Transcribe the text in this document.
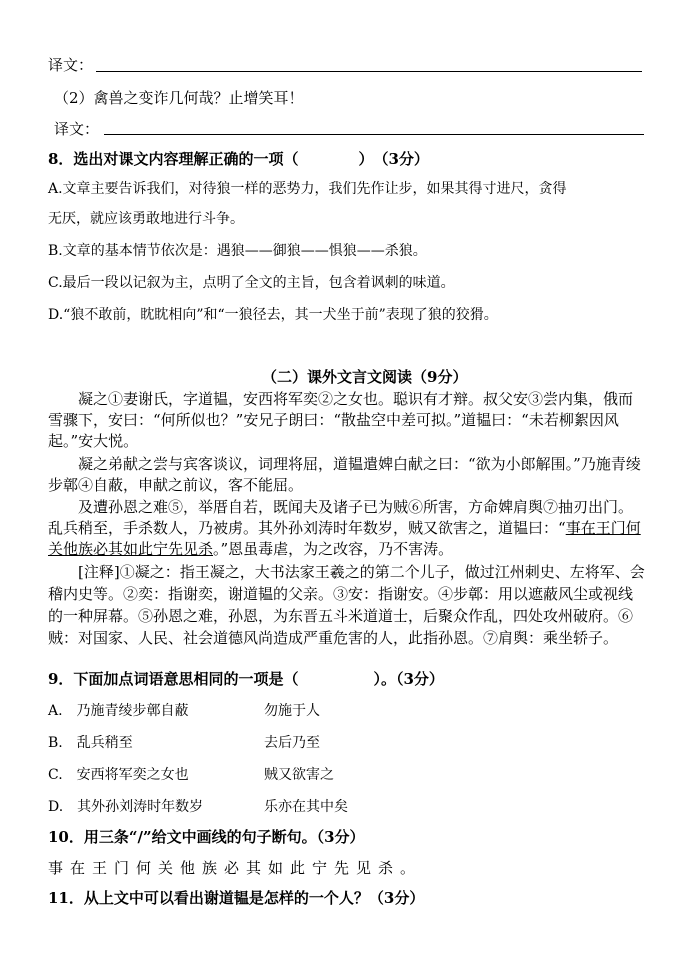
译文：
（2）禽兽之变诈几何哉？止增笑耳！
译文：
8．选出对课文内容理解正确的一项（　　　　）　（3分）
A.文章主要告诉我们，对待狼一样的恶势力，我们先作让步，如果其得寸进尺，贪得
无厌，就应该勇敢地进行斗争。
B.文章的基本情节依次是：遇狼——御狼——惧狼——杀狼。
C.最后一段以记叙为主，点明了全文的主旨，包含着讽刺的味道。
D.“狼不敢前，眈眈相向”和“一狼径去，其一犬坐于前”表现了狼的狡猾。
（二）课外文言文阅读（9分）
凝之①妻谢氏，字道韫，安西将军奕②之女也。聪识有才辩。叔父安③尝内集，俄而雪骤下，安曰：“何所似也？”安兄子朗曰：“散盐空中差可拟。”道韫曰：“未若柳絮因风起。”安大悦。
凝之弟献之尝与宾客谈议，词理将屈，道韫遣婢白献之曰：“欲为小郎解围。”乃施青绫步鄣④自蔽，申献之前议，客不能屈。
及遭孙恩之难⑤，举厝自若，既闻夫及诸子已为贼⑥所害，方命婢肩舆⑦抽刃出门。乱兵稍至，手杀数人，乃被虏。其外孙刘涛时年数岁，贼又欲害之，道韫曰：“事在王门何关他族必其如此宁先见杀。”恩虽毒虐，为之改容，乃不害涛。
[注释]①凝之：指王凝之，大书法家王羲之的第二个儿子，做过江州刺史、左将军、会稽内史等。②奕：指谢奕，谢道韫的父亲。③安：指谢安。④步鄣：用以遮蔽风尘或视线的一种屏幕。⑤孙恩之难，孙恩，为东晋五斗米道道士，后聚众作乱，四处攻州破府。⑥贼：对国家、人民、社会道德风尚造成严重危害的人，此指孙恩。⑦肩舆：乘坐轿子。
9．下面加点词语意思相同的一项是（　　　　　）。（3分）
A.　乃施青绫步鄣自蔽	勿施于人
B.　乱兵稍至	去后乃至
C.　安西将军奕之女也	贼又欲害之
D.　其外孙刘涛时年数岁	乐亦在其中矣
10．用三条“/”给文中画线的句子断句。（3分）
事在王门何关他族必其如此宁先见杀。
11．从上文中可以看出谢道韫是怎样的一个人？（3分）
